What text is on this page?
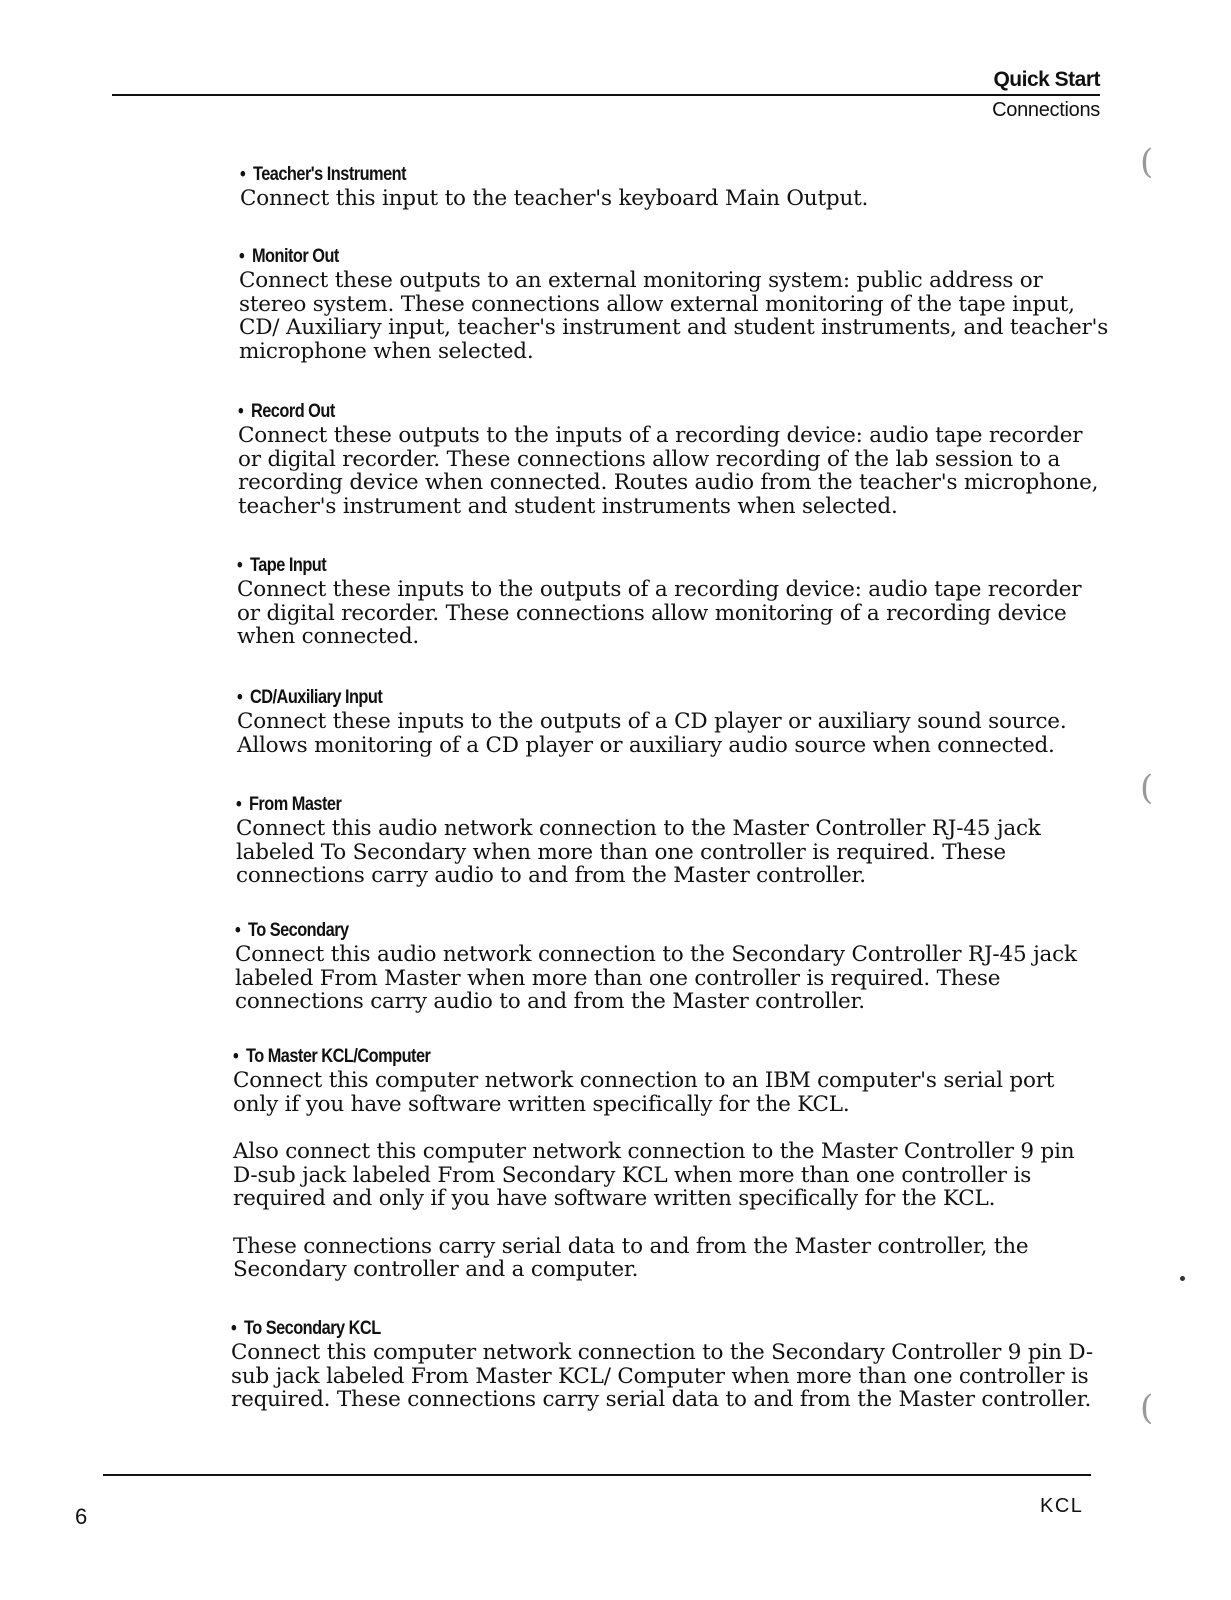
Quick Start
Connections
• Teacher's Instrument

Connect this input to the teacher's keyboard Main Output.

• Monitor Out

Connect these outputs to an external monitoring system: public address or stereo system. These connections allow external monitoring of the tape input, CD/ Auxiliary input, teacher's instrument and student instruments, and teacher's microphone when selected.

• Record Out

Connect these outputs to the inputs of a recording device: audio tape recorder or digital recorder. These connections allow recording of the lab session to a recording device when connected. Routes audio from the teacher's microphone, teacher's instrument and student instruments when selected.

• Tape Input

Connect these inputs to the outputs of a recording device: audio tape recorder or digital recorder. These connections allow monitoring of a recording device when connected.

• CD/Auxiliary Input

Connect these inputs to the outputs of a CD player or auxiliary sound source. Allows monitoring of a CD player or auxiliary audio source when connected.

• From Master

Connect this audio network connection to the Master Controller RJ-45 jack labeled To Secondary when more than one controller is required. These connections carry audio to and from the Master controller.

• To Secondary

Connect this audio network connection to the Secondary Controller RJ-45 jack labeled From Master when more than one controller is required. These connections carry audio to and from the Master controller.

• To Master KCL/Computer

Connect this computer network connection to an IBM computer's serial port only if you have software written specifically for the KCL.

Also connect this computer network connection to the Master Controller 9 pin D-sub jack labeled From Secondary KCL when more than one controller is required and only if you have software written specifically for the KCL.

These connections carry serial data to and from the Master controller, the Secondary controller and a computer.

• To Secondary KCL

Connect this computer network connection to the Secondary Controller 9 pin D-sub jack labeled From Master KCL/ Computer when more than one controller is required. These connections carry serial data to and from the Master controller.

(
(
(
6	KCL
